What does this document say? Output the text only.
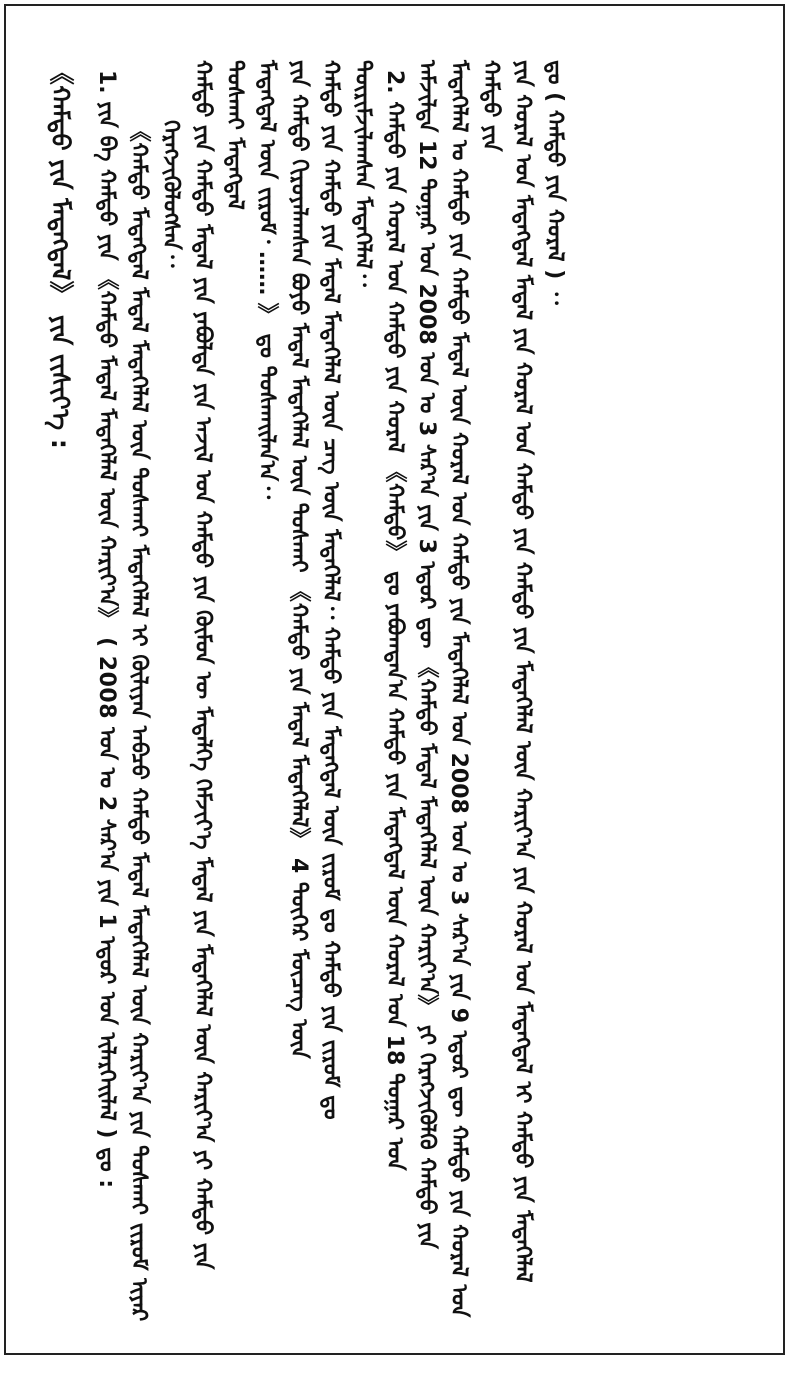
《ᠬᠠᠮᠲᠤ ᠶᠢᠨ ᠮᠡᠳᠡᠭᠳᠡᠯ》 ᠶᠢᠨ ᠵᠢᠱᠢᠶ᠎ᠡ : 1. ᠶᠢᠨ ᠪᠠ ᠬᠠᠮᠲᠤ ᠶᠢᠨ 《ᠬᠠᠮᠲᠤ ᠮᠡᠳᠡᠯ ᠮᠡᠳᠡᠭᠡᠯᠡᠯ ᠦᠨ ᠬᠠᠷᠢᠶ᠎ᠠ》 ( 2008 ᠣᠨ ᠤ 2 ᠰᠠᠷ᠎ᠠ ᠶᠢᠨ 1 ᠡᠳᠦᠷ ᠤᠨ ᠢᠯᠡᠷᠬᠡᠢᠯᠡᠯ ) ᠳᠤ : 《ᠬᠠᠮᠲᠤ ᠮᠡᠳᠡᠭᠳᠡᠯ ᠮᠡᠳᠡᠯ ᠮᠡᠳᠡᠭᠡᠯᠡᠯ ᠦᠨ ᠲᠤᠰᠬᠠᠢ ᠮᠡᠳᠡᠭᠡᠯᠡᠯ ᠢ ᠬᠦᠯᠢᠶᠡᠨ ᠠᠪᠴᠤ ᠬᠠᠮᠲᠤ ᠮᠡᠳᠡᠯ ᠮᠡᠳᠡᠭᠡᠯᠡᠯ ᠦᠨ ᠬᠠᠷᠢᠶ᠎ᠠ ᠶᠢᠨ ᠲᠤᠰᠬᠠᠢ ᠵᠢᠷᠤᠮ ᠢᠶᠠᠷ ᠬᠡᠷᠡᠭᠵᠢᠭᠦᠯᠦᠭᠰᠡᠨ᠂᠂ ᠬᠠᠮᠲᠤ ᠶᠢᠨ ᠬᠠᠮᠲᠤ ᠮᠡᠳᠡᠯ ᠶᠢᠨ ᠶᠠᠪᠤᠯᠲᠠ ᠶᠢᠨ ᠠᠵᠢᠯ ᠤᠨ ᠬᠠᠮᠲᠤ ᠶᠢᠨ ᠬᠦᠮᠦᠨ ᠦ ᠮᠡᠳᠡᠯᠭᠡ ᠬᠡᠮᠵᠢᠶ᠎ᠡ ᠮᠡᠳᠡᠯ ᠶᠢᠨ ᠮᠡᠳᠡᠭᠡᠯᠡᠯ ᠦᠨ ᠬᠠᠷᠢᠶ᠎ᠠ ᠶᠢ ᠬᠠᠮᠲᠤ ᠶᠢᠨ ᠲᠤᠰᠬᠠᠢ ᠮᠡᠳᠡᠭᠳᠡᠯ ᠮᠡᠳᠡᠭᠳᠡᠯ ᠦᠨ ᠵᠢᠷᠤᠮ᠂ …… 》 ᠳᠤ ᠲᠤᠰᠬᠠᠢᠯᠠᠨ᠎ᠠ᠂᠂ ᠶᠢᠨ ᠬᠠᠮᠲᠤ ᠬᠢᠷᠤᠶᠠᠯᠠᠭᠰᠠᠨ ᠪᠤᠶᠤ ᠮᠡᠳᠡᠯ ᠮᠡᠳᠡᠭᠡᠯᠡᠯ ᠦᠨ ᠲᠤᠰᠬᠠᠢ 《ᠬᠠᠮᠲᠤ ᠶᠢᠨ ᠮᠡᠳᠡᠯ ᠮᠡᠳᠡᠭᠡᠯᠡᠯ》 4 ᠳᠦᠭᠡᠷ ᠮᠦᠴᠡᠭ ᠦᠨ ᠬᠠᠮᠲᠤ ᠶᠢᠨ ᠬᠠᠮᠲᠤ ᠶᠢᠨ ᠮᠡᠳᠡᠯ ᠮᠡᠳᠡᠭᠡᠯᠡᠯ ᠦᠨ ᠴᠡᠭ ᠦᠨ ᠮᠡᠳᠡᠭᠡᠯᠡᠯ᠂᠂ ᠬᠠᠮᠲᠤ ᠶᠢᠨ ᠮᠡᠳᠡᠭᠳᠡᠯ ᠦᠨ ᠵᠢᠷᠤᠮ ᠳᠤ ᠬᠠᠮᠲᠤ ᠶᠢᠨ ᠵᠢᠷᠤᠮ ᠳᠤ ᠳᠦᠷᠢᠮᠵᠢᠯᠠᠭᠰᠠᠨ ᠮᠡᠳᠡᠭᠡᠯᠡᠯ᠂᠂ 2. ᠬᠠᠮᠲᠤ ᠶᠢᠨ ᠬᠤᠷᠠᠯ ᠤᠨ ᠬᠠᠮᠲᠤ ᠶᠢᠨ ᠬᠤᠷᠠᠯ 《ᠬᠠᠮᠲᠤ》 ᠳᠤ ᠶᠠᠪᠤᠭᠳᠠᠨ᠎ᠠ ᠬᠠᠮᠲᠤ ᠶᠢᠨ ᠮᠡᠳᠡᠭᠳᠡᠯ ᠦᠨ ᠬᠤᠷᠠᠯ ᠤᠨ 18 ᠳᠤᠭᠠᠷ ᠤᠨ ᠠᠮᠵᠢᠯᠲᠠ 12 ᠳᠤᠭᠠᠷ ᠤᠨ 2008 ᠣᠨ ᠤ 3 ᠰᠠᠷ᠎ᠠ ᠶᠢᠨ 3 ᠡᠳᠦᠷ ᠳᠦ 《ᠬᠠᠮᠲᠤ ᠮᠡᠳᠡᠯ ᠮᠡᠳᠡᠭᠡᠯᠡᠯ ᠦᠨ ᠬᠠᠷᠢᠶ᠎ᠠ》 ᠶᠢ ᠬᠡᠷᠡᠭᠵᠢᠭᠦᠯᠬᠦ ᠬᠠᠮᠲᠤ ᠶᠢᠨ ᠮᠡᠳᠡᠭᠡᠯᠡᠯ ᠤ ᠬᠠᠮᠲᠤ ᠶᠢᠨ ᠬᠠᠮᠲᠤ ᠮᠡᠳᠡᠯ ᠦᠨ ᠬᠤᠷᠠᠯ ᠤᠨ ᠬᠠᠮᠲᠤ ᠶᠢᠨ ᠮᠡᠳᠡᠭᠡᠯᠡᠯ ᠤᠨ 2008 ᠣᠨ ᠤ 3 ᠰᠠᠷ᠎ᠠ ᠶᠢᠨ 9 ᠡᠳᠦᠷ ᠳᠦ ᠬᠠᠮᠲᠤ ᠶᠢᠨ ᠬᠤᠷᠠᠯ ᠤᠨ ᠬᠠᠮᠲᠤ ᠶᠢᠨ ᠶᠢᠨ ᠬᠤᠷᠠᠯ ᠤᠨ ᠮᠡᠳᠡᠭᠳᠡᠯ ᠮᠡᠳᠡᠯ ᠶᠢᠨ ᠬᠤᠷᠠᠯ ᠤᠨ ᠬᠠᠮᠲᠤ ᠶᠢᠨ ᠬᠠᠮᠲᠤ ᠶᠢᠨ ᠮᠡᠳᠡᠭᠡᠯᠡᠯ ᠦᠨ ᠬᠠᠷᠢᠶ᠎ᠠ ᠶᠢᠨ ᠬᠤᠷᠠᠯ ᠤᠨ ᠮᠡᠳᠡᠭᠳᠡᠯ ᠢ ᠬᠠᠮᠲᠤ ᠶᠢᠨ ᠮᠡᠳᠡᠭᠡᠯᠡᠯ ᠳᠤ ( ᠬᠠᠮᠲᠤ ᠶᠢᠨ ᠬᠤᠷᠠᠯ ) ᠂᠂
